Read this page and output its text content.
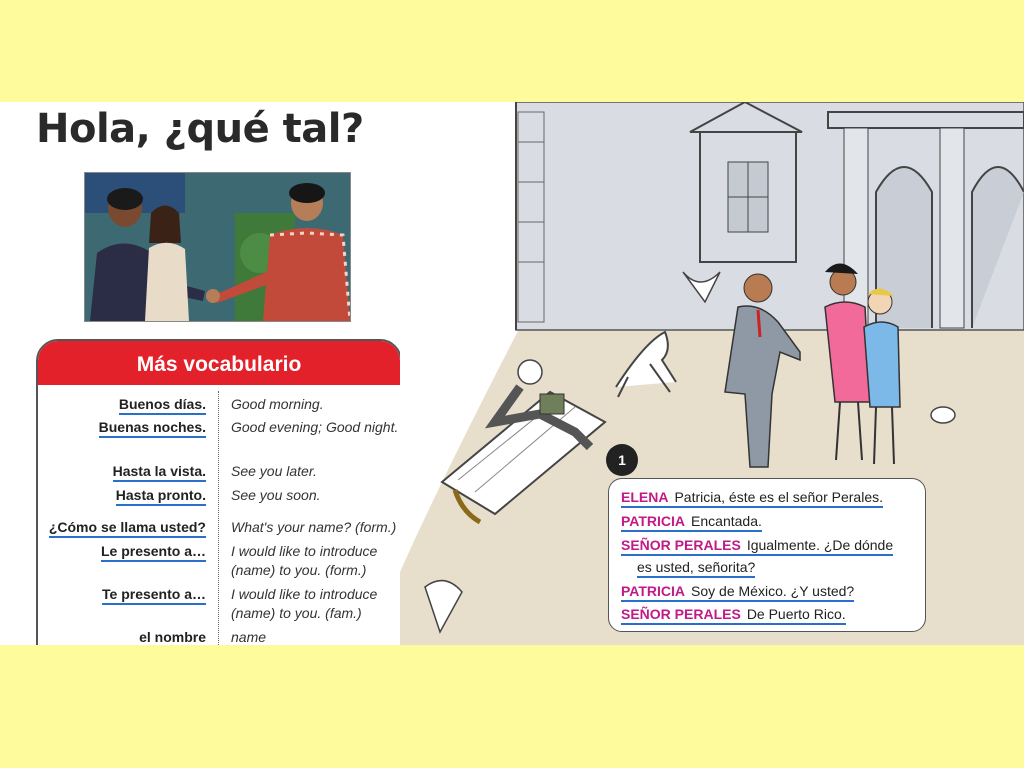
Hola, ¿qué tal?
Más vocabulario
Buenos días. Good morning.
Buenas noches. Good evening; Good night.
Hasta la vista. See you later.
Hasta pronto. See you soon.
¿Cómo se llama usted? What's your name? (form.)
Le presento a… I would like to introduce (name) to you. (form.)
Te presento a… I would like to introduce (name) to you. (fam.)
el nombre name
1
ELENA Patricia, éste es el señor Perales.
PATRICIA Encantada.
SEÑOR PERALES Igualmente. ¿De dónde
es usted, señorita?
PATRICIA Soy de México. ¿Y usted?
SEÑOR PERALES De Puerto Rico.
